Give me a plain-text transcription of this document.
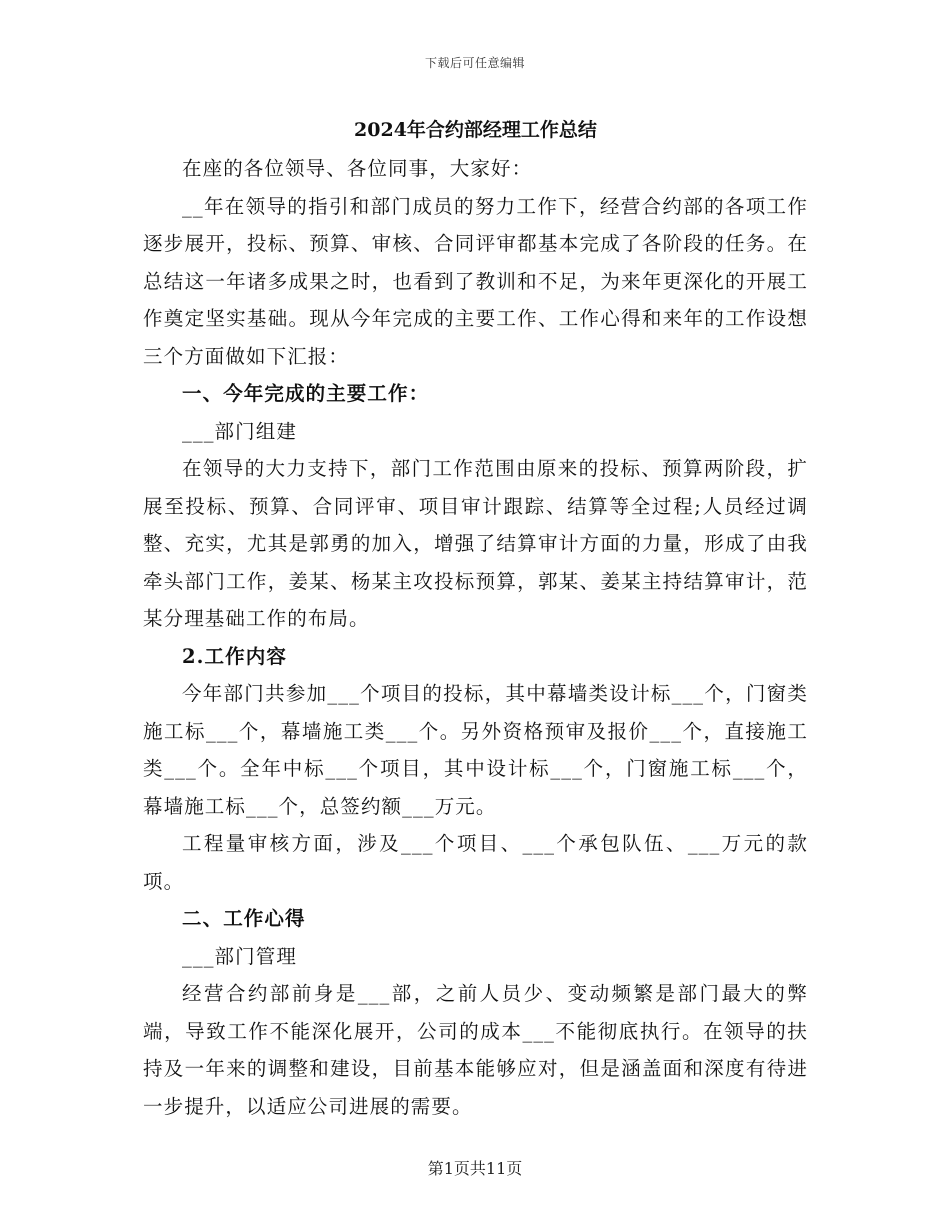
下载后可任意编辑
2024年合约部经理工作总结

在座的各位领导、各位同事，大家好：

__年在领导的指引和部门成员的努力工作下，经营合约部的各项工作逐步展开，投标、预算、审核、合同评审都基本完成了各阶段的任务。在总结这一年诸多成果之时，也看到了教训和不足，为来年更深化的开展工作奠定坚实基础。现从今年完成的主要工作、工作心得和来年的工作设想三个方面做如下汇报：

一、今年完成的主要工作：

___部门组建

在领导的大力支持下，部门工作范围由原来的投标、预算两阶段，扩展至投标、预算、合同评审、项目审计跟踪、结算等全过程;人员经过调整、充实，尤其是郭勇的加入，增强了结算审计方面的力量，形成了由我牵头部门工作，姜某、杨某主攻投标预算，郭某、姜某主持结算审计，范某分理基础工作的布局。

2.工作内容

今年部门共参加___个项目的投标，其中幕墙类设计标___个，门窗类施工标___个，幕墙施工类___个。另外资格预审及报价___个，直接施工类___个。全年中标___个项目，其中设计标___个，门窗施工标___个，幕墙施工标___个，总签约额___万元。

工程量审核方面，涉及___个项目、___个承包队伍、___万元的款项。

二、工作心得

___部门管理

经营合约部前身是___部，之前人员少、变动频繁是部门最大的弊端，导致工作不能深化展开，公司的成本___不能彻底执行。在领导的扶持及一年来的调整和建设，目前基本能够应对，但是涵盖面和深度有待进一步提升，以适应公司进展的需要。

第1页共11页
